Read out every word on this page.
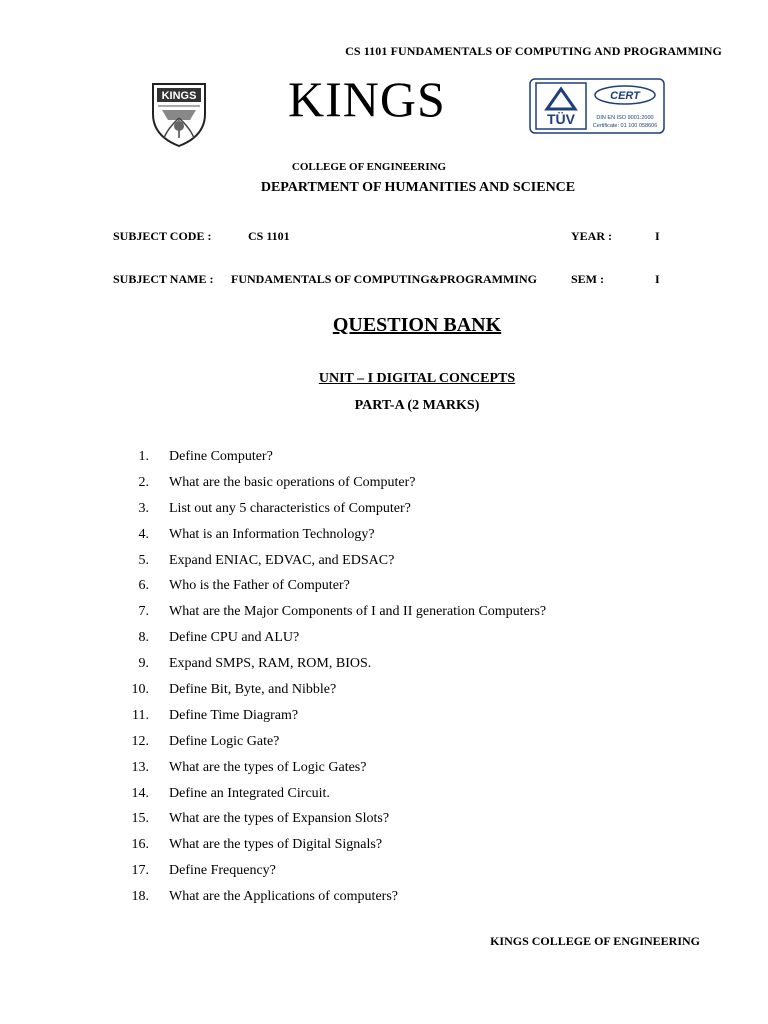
CS 1101 FUNDAMENTALS OF COMPUTING AND PROGRAMMING
KINGS KINGS	TÜV
CERT
DIN EN ISO 9001:2000
Certificate: 01 100 058606
COLLEGE OF ENGINEERING
DEPARTMENT OF HUMANITIES AND SCIENCE
SUBJECT CODE :	CS 1101	YEAR :	I
SUBJECT NAME : FUNDAMENTALS OF COMPUTING&PROGRAMMING	SEM :	I
QUESTION BANK
UNIT – I DIGITAL CONCEPTS
PART-A (2 MARKS)
1. Define Computer?
2. What are the basic operations of Computer?
3. List out any 5 characteristics of Computer?
4. What is an Information Technology?
5. Expand ENIAC, EDVAC, and EDSAC?
6. Who is the Father of Computer?
7. What are the Major Components of I and II generation Computers?
8. Define CPU and ALU?
9. Expand SMPS, RAM, ROM, BIOS.
10. Define Bit, Byte, and Nibble?
11. Define Time Diagram?
12. Define Logic Gate?
13. What are the types of Logic Gates?
14. Define an Integrated Circuit.
15. What are the types of Expansion Slots?
16. What are the types of Digital Signals?
17. Define Frequency?
18. What are the Applications of computers?
KINGS COLLEGE OF ENGINEERING
